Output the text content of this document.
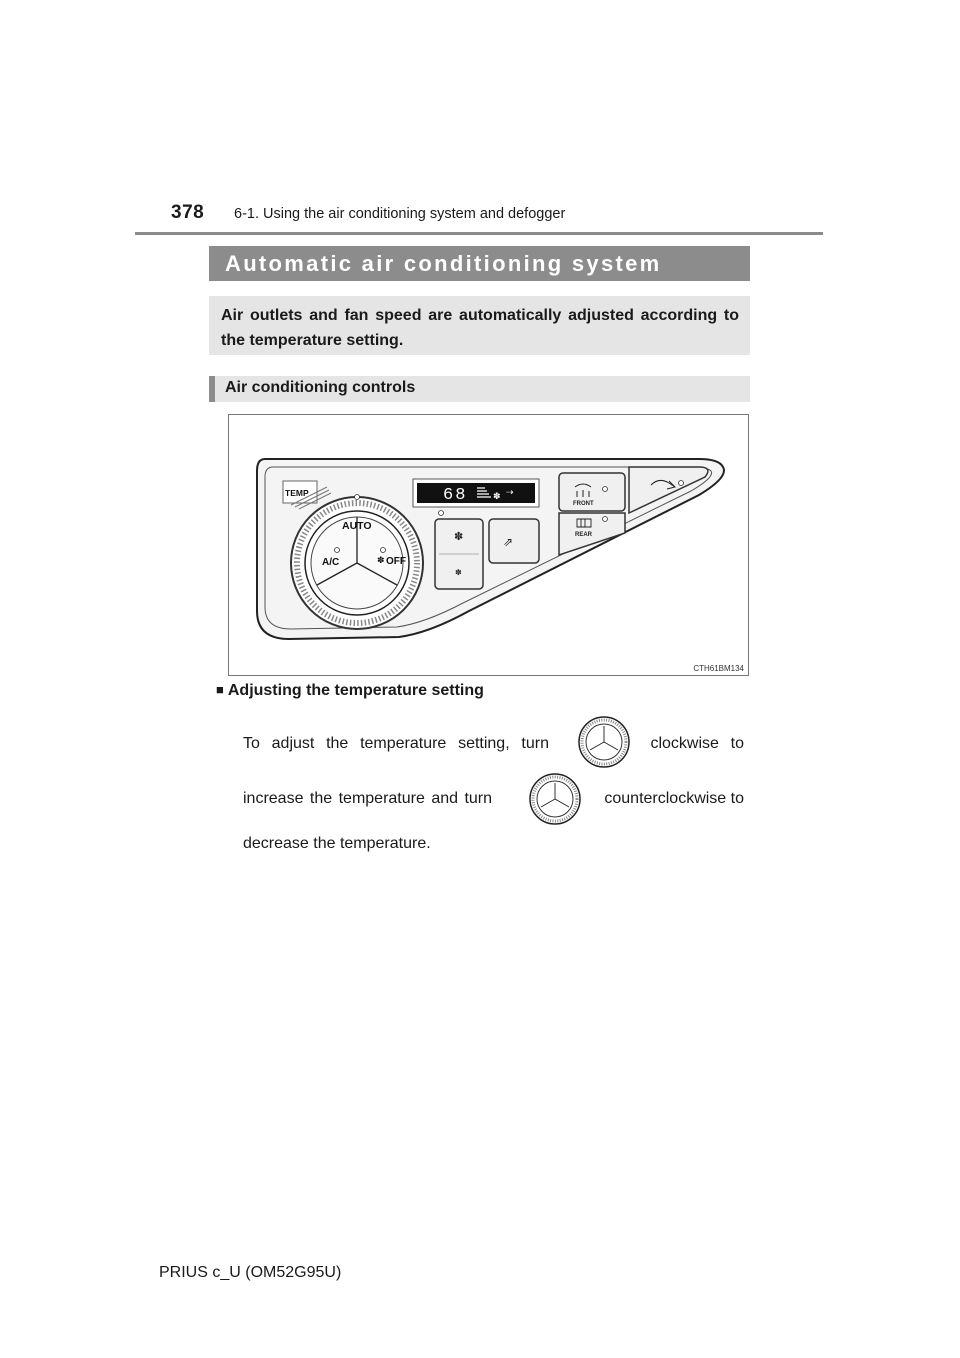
378 6-1. Using the air conditioning system and defogger
Automatic air conditioning system
Air outlets and fan speed are automatically adjusted according to the temperature setting.
Air conditioning controls
TEMP
AUTO
A/C	✽ OFF
68	✽ ⇢
✽
✽
⇗
FRONT
REAR
CTH61BM134
■ Adjusting the temperature setting
To adjust the temperature setting, turn	clockwise to
increase the temperature and turn	counterclockwise to
decrease the temperature.
PRIUS c_U (OM52G95U)
